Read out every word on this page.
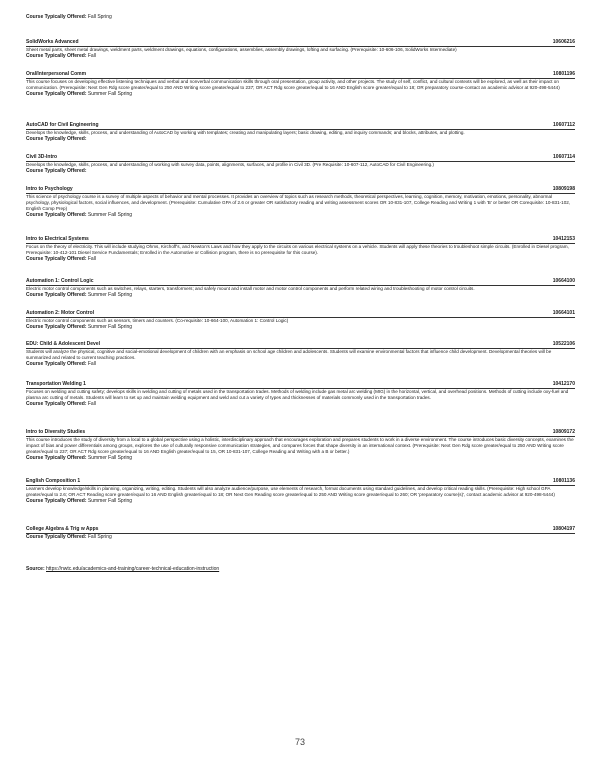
Course Typically Offered: Fall Spring
SolidWorks Advanced	10606216
Sheet metal parts, sheet metal drawings, weldment parts, weldment drawings, equations, configurations, assemblies, assembly drawings, lofting and surfacing. (Prerequisite: 10-606-106, SolidWorks Intermediate)
Course Typically Offered: Fall
Oral/Interpersonal Comm	10801196
This course focuses on developing effective listening techniques and verbal and nonverbal communication skills through oral presentation, group activity, and other projects. The study of self, conflict, and cultural contexts will be explored, as well as their impact on communication. (Prerequisite: Next Gen Rdg score greater/equal to 250 AND Writing score greater/equal to 237; OR ACT Rdg score greater/equal to 16 AND English score greater/equal to 18; OR preparatory course-contact an academic advisor at 920-498-5444)
Course Typically Offered: Summer Fall Spring
AutoCAD for Civil Engineering	10607112
Develops the knowledge, skills, process, and understanding of AutoCAD by working with templates; creating and manipulating layers; basic drawing, editing, and inquiry commands; and blocks, attributes, and plotting.
Course Typically Offered:
Civil 3D-Intro	10607114
Develops the knowledge, skills, process, and understanding of working with survey data, points, alignments, surfaces, and profile in Civil 3D. (Pre Requisite: 10-607-112, AutoCAD for Civil Engineering.)
Course Typically Offered:
Intro to Psychology	10809198
This science of psychology course is a survey of multiple aspects of behavior and mental processes. It provides an overview of topics such as research methods, theoretical perspectives, learning, cognition, memory, motivation, emotions, personality, abnormal psychology, physiological factors, social influences, and development. (Prerequisite: Cumulative GPA of 2.6 or greater OR satisfactory reading and writing assessment scores OR 10-831-107, College Reading and Writing 1 with 'B' or better OR Corequisite: 10-831-102, English Comp Prep)
Course Typically Offered: Summer Fall Spring
Intro to Electrical Systems	10412153
Focus on the theory of electricity. This will include studying Ohms, Kirchoff's, and Newton's Laws and how they apply to the circuits on various electrical systems on a vehicle. Students will apply these theories to troubleshoot simple circuits. (Enrolled in Diesel program, Prerequisite: 10-412-101 Diesel Service Fundamentals; Enrolled in the Automotive or Collision program, there is no prerequisite for this course).
Course Typically Offered: Fall
Automation 1: Control Logic	10664100
Electric motor control components such as switches, relays, starters, transformers; and safely mount and install motor and motor control components and perform related wiring and troubleshooting of motor control circuits.
Course Typically Offered: Summer Fall Spring
Automation 2: Motor Control	10664101
Electric motor control components such as sensors, timers and counters. (Co-requisite: 10-664-100, Automation 1: Control Logic)
Course Typically Offered: Summer Fall Spring
EDU: Child & Adolescent Devel	10522106
Students will analyze the physical, cognitive and social-emotional development of children with an emphasis on school age children and adolescents. Students will examine environmental factors that influence child development. Developmental theories will be summarized and related to current teaching practices.
Course Typically Offered: Fall
Transportation Welding 1	10412170
Focuses on welding and cutting safety; develops skills in welding and cutting of metals used in the transportation trades. Methods of welding include gas metal arc welding (MIG) in the horizontal, vertical, and overhead positions. Methods of cutting include oxy-fuel and plasma arc cutting of metals. Students will learn to set up and maintain welding equipment and weld and cut a variety of types and thicknesses of materials commonly used in the transportation trades.
Course Typically Offered: Fall
Intro to Diversity Studies	10809172
This course introduces the study of diversity from a local to a global perspective using a holistic, interdisciplinary approach that encourages exploration and prepares students to work in a diverse environment. The course introduces basic diversity concepts, examines the impact of bias and power differentials among groups, explores the use of culturally responsive communication strategies, and compares forces that shape diversity in an international context. (Prerequisite: Next Gen Rdg score greater/equal to 250 AND Writing score greater/equal to 237; OR ACT Rdg score greater/equal to 16 AND English greater/equal to 15, OR 10-831-107, College Reading and Writing with a B or better.)
Course Typically Offered: Summer Fall Spring
English Composition 1	10801136
Learners develop knowledge/skills in planning, organizing, writing, editing. Students will also analyze audience/purpose, use elements of research, format documents using standard guidelines, and develop critical reading skills. (Prerequisite: High school GPA greater/equal to 2.6; OR ACT Reading score greater/equal to 16 AND English greater/equal to 18; OR Next Gen Reading score greater/equal to 250 AND Writing score greater/equal to 260; OR 'preparatory course(s)', contact academic advisor at 920-498-5444)
Course Typically Offered: Summer Fall Spring
College Algebra & Trig w Apps	10804197
Course Typically Offered: Fall Spring
Source: https://nwtc.edu/academics-and-training/career-technical-education-instruction
73
